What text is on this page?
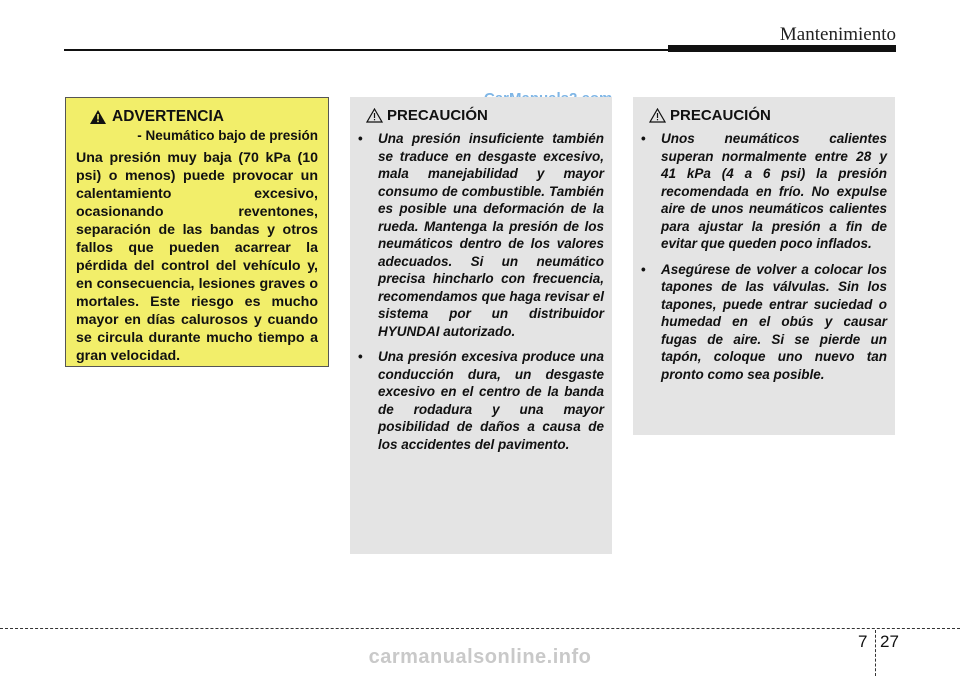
Mantenimiento
ADVERTENCIA
- Neumático bajo de presión
Una presión muy baja (70 kPa (10 psi) o menos) puede provocar un calentamiento excesivo, ocasionando reventones, separación de las bandas y otros fallos que pueden acarrear la pérdida del control del vehículo y, en consecuencia, lesiones graves o mortales. Este riesgo es mucho mayor en días calurosos y cuando se circula durante mucho tiempo a gran velocidad.
PRECAUCIÓN
• Una presión insuficiente también se traduce en desgaste excesivo, mala manejabilidad y mayor consumo de combustible. También es posible una deformación de la rueda. Mantenga la presión de los neumáticos dentro de los valores adecuados. Si un neumático precisa hincharlo con frecuencia, recomendamos que haga revisar el sistema por un distribuidor HYUNDAI autorizado.
• Una presión excesiva produce una conducción dura, un desgaste excesivo en el centro de la banda de rodadura y una mayor posibilidad de daños a causa de los accidentes del pavimento.
PRECAUCIÓN
• Unos neumáticos calientes superan normalmente entre 28 y 41 kPa (4 a 6 psi) la presión recomendada en frío. No expulse aire de unos neumáticos calientes para ajustar la presión a fin de evitar que queden poco inflados.
• Asegúrese de volver a colocar los tapones de las válvulas. Sin los tapones, puede entrar suciedad o humedad en el obús y causar fugas de aire. Si se pierde un tapón, coloque uno nuevo tan pronto como sea posible.
7 27
carmanualsonline.info
